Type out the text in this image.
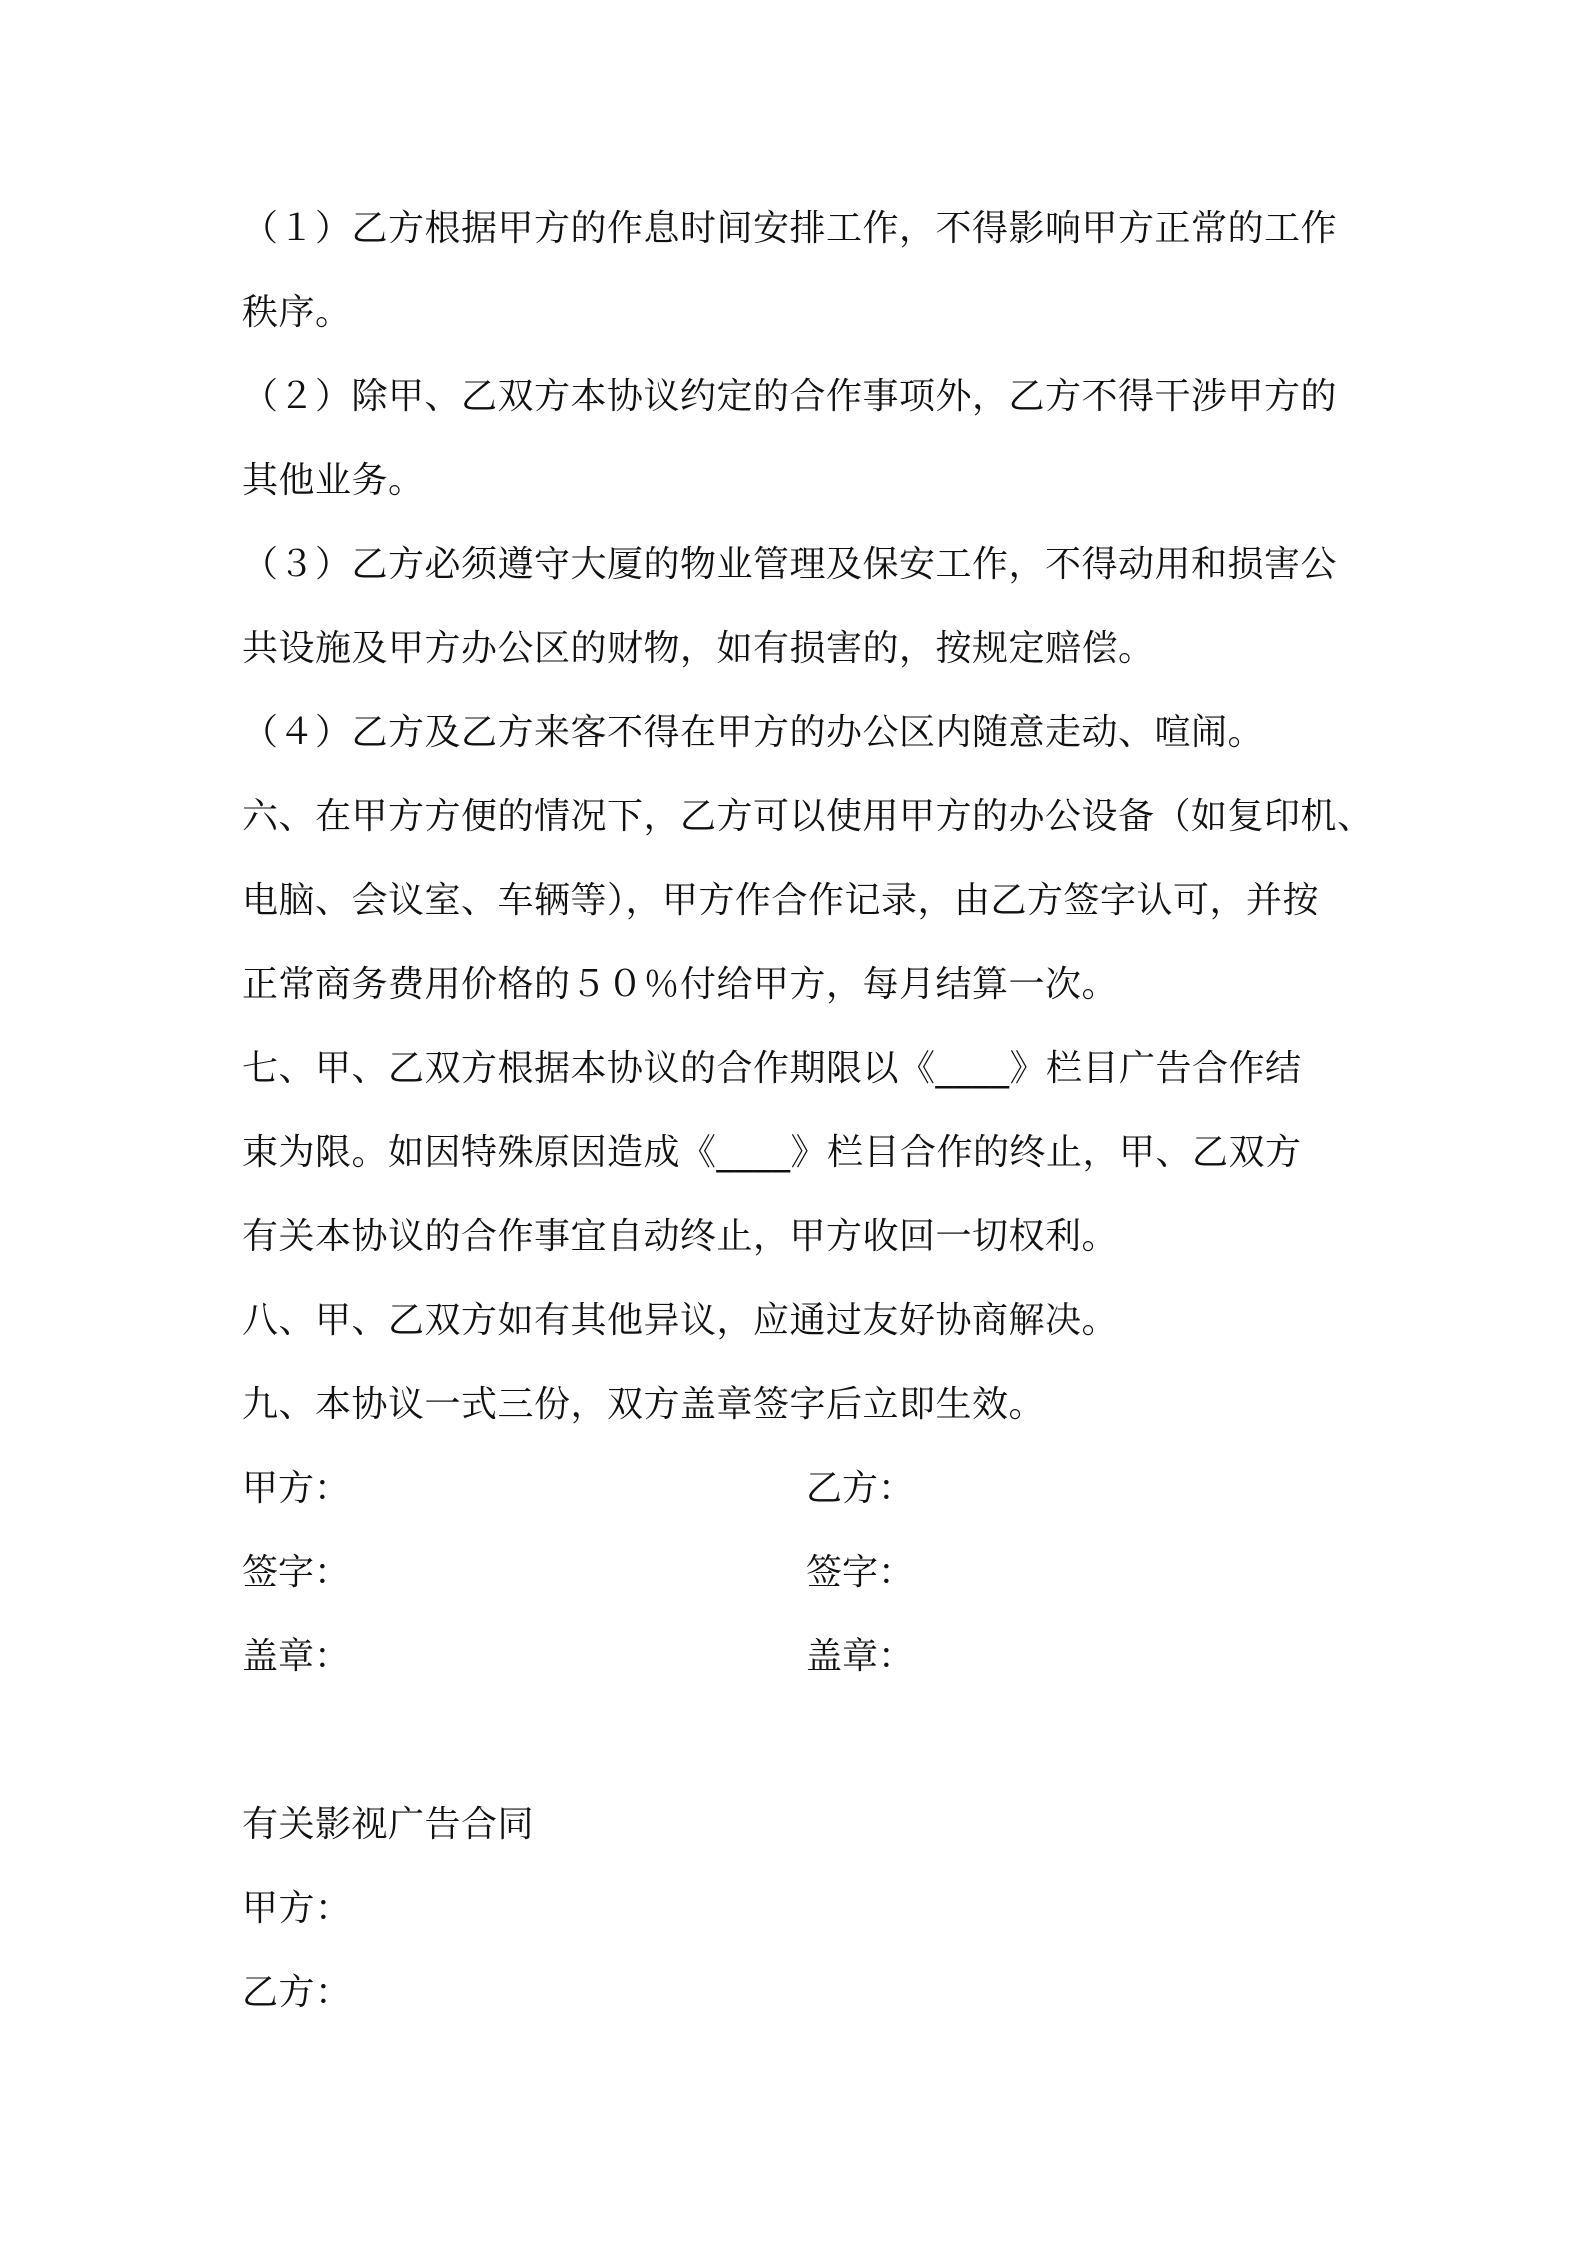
（１）乙方根据甲方的作息时间安排工作，不得影响甲方正常的工作
秩序。
（２）除甲、乙双方本协议约定的合作事项外，乙方不得干涉甲方的
其他业务。
（３）乙方必须遵守大厦的物业管理及保安工作，不得动用和损害公
共设施及甲方办公区的财物，如有损害的，按规定赔偿。
（４）乙方及乙方来客不得在甲方的办公区内随意走动、喧闹。
六、在甲方方便的情况下，乙方可以使用甲方的办公设备（如复印机、
电脑、会议室、车辆等），甲方作合作记录，由乙方签字认可，并按
正常商务费用价格的５０％付给甲方，每月结算一次。
七、甲、乙双方根据本协议的合作期限以《____》栏目广告合作结
束为限。如因特殊原因造成《____》栏目合作的终止，甲、乙双方
有关本协议的合作事宜自动终止，甲方收回一切权利。
八、甲、乙双方如有其他异议，应通过友好协商解决。
九、本协议一式三份，双方盖章签字后立即生效。
甲方：	乙方：
签字：	签字：
盖章：	盖章：
有关影视广告合同
甲方：
乙方：
